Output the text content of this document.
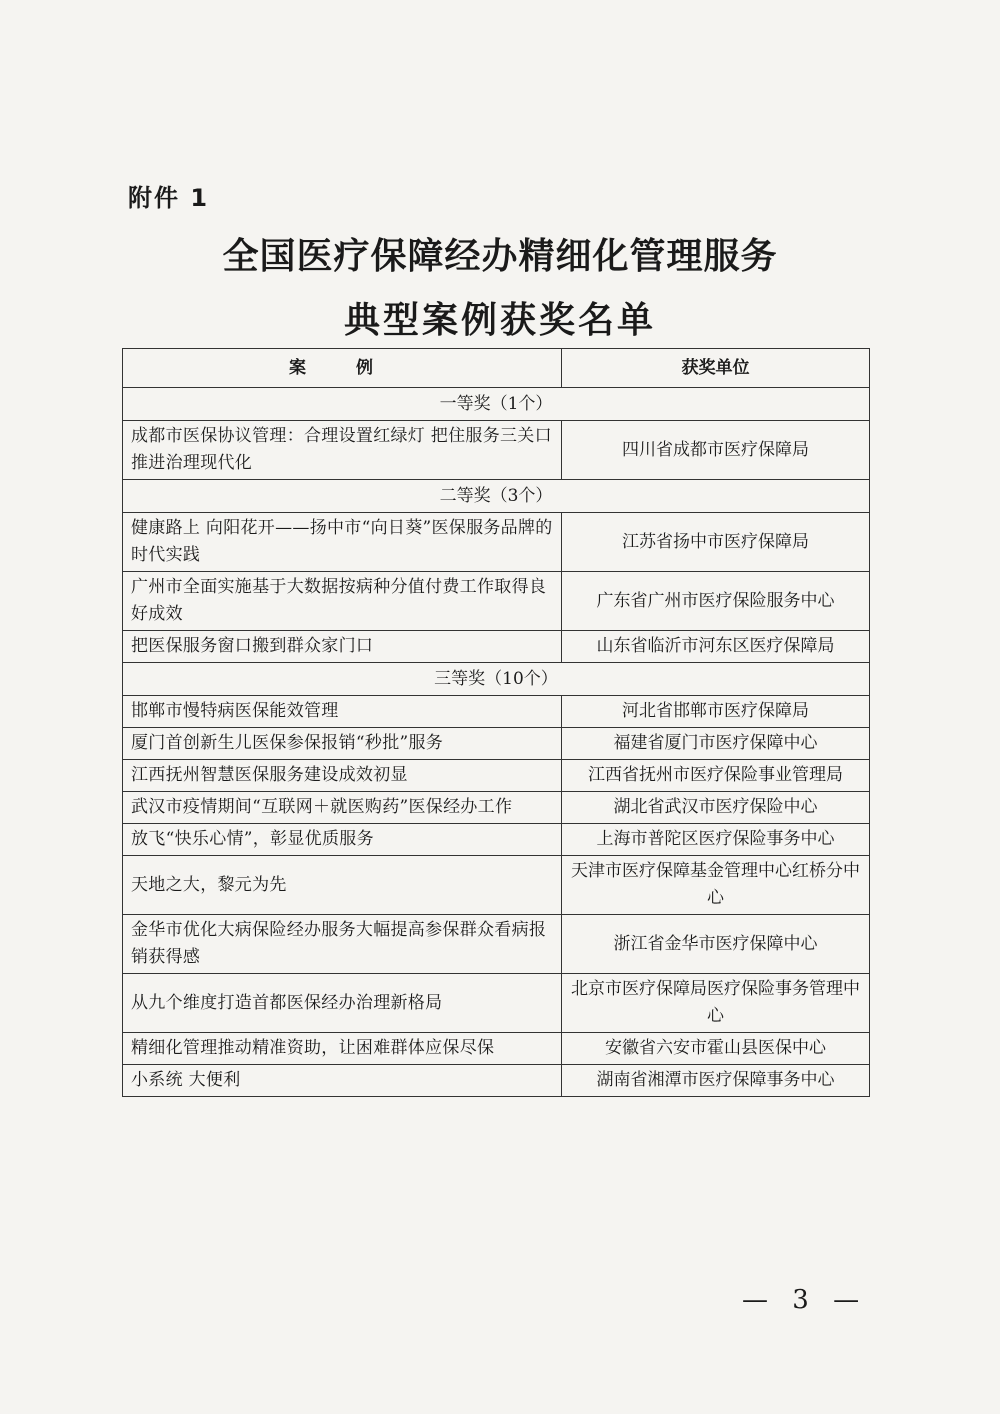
附件 1
全国医疗保障经办精细化管理服务
典型案例获奖名单
案 例	获奖单位
一等奖（1个）	
成都市医保协议管理：合理设置红绿灯 把住服务三关口 推进治理现代化	四川省成都市医疗保障局
二等奖（3个）	
健康路上 向阳花开——扬中市“向日葵”医保服务品牌的时代实践	江苏省扬中市医疗保障局
广州市全面实施基于大数据按病种分值付费工作取得良好成效	广东省广州市医疗保险服务中心
把医保服务窗口搬到群众家门口	山东省临沂市河东区医疗保障局
三等奖（10个）	
邯郸市慢特病医保能效管理	河北省邯郸市医疗保障局
厦门首创新生儿医保参保报销“秒批”服务	福建省厦门市医疗保障中心
江西抚州智慧医保服务建设成效初显	江西省抚州市医疗保险事业管理局
武汉市疫情期间“互联网＋就医购药”医保经办工作	湖北省武汉市医疗保险中心
放飞“快乐心情”，彰显优质服务	上海市普陀区医疗保险事务中心
天地之大，黎元为先	天津市医疗保障基金管理中心红桥分中心
金华市优化大病保险经办服务大幅提高参保群众看病报销获得感	浙江省金华市医疗保障中心
从九个维度打造首都医保经办治理新格局	北京市医疗保障局医疗保险事务管理中心
精细化管理推动精准资助，让困难群体应保尽保	安徽省六安市霍山县医保中心
小系统 大便利	湖南省湘潭市医疗保障事务中心
— 3 —
